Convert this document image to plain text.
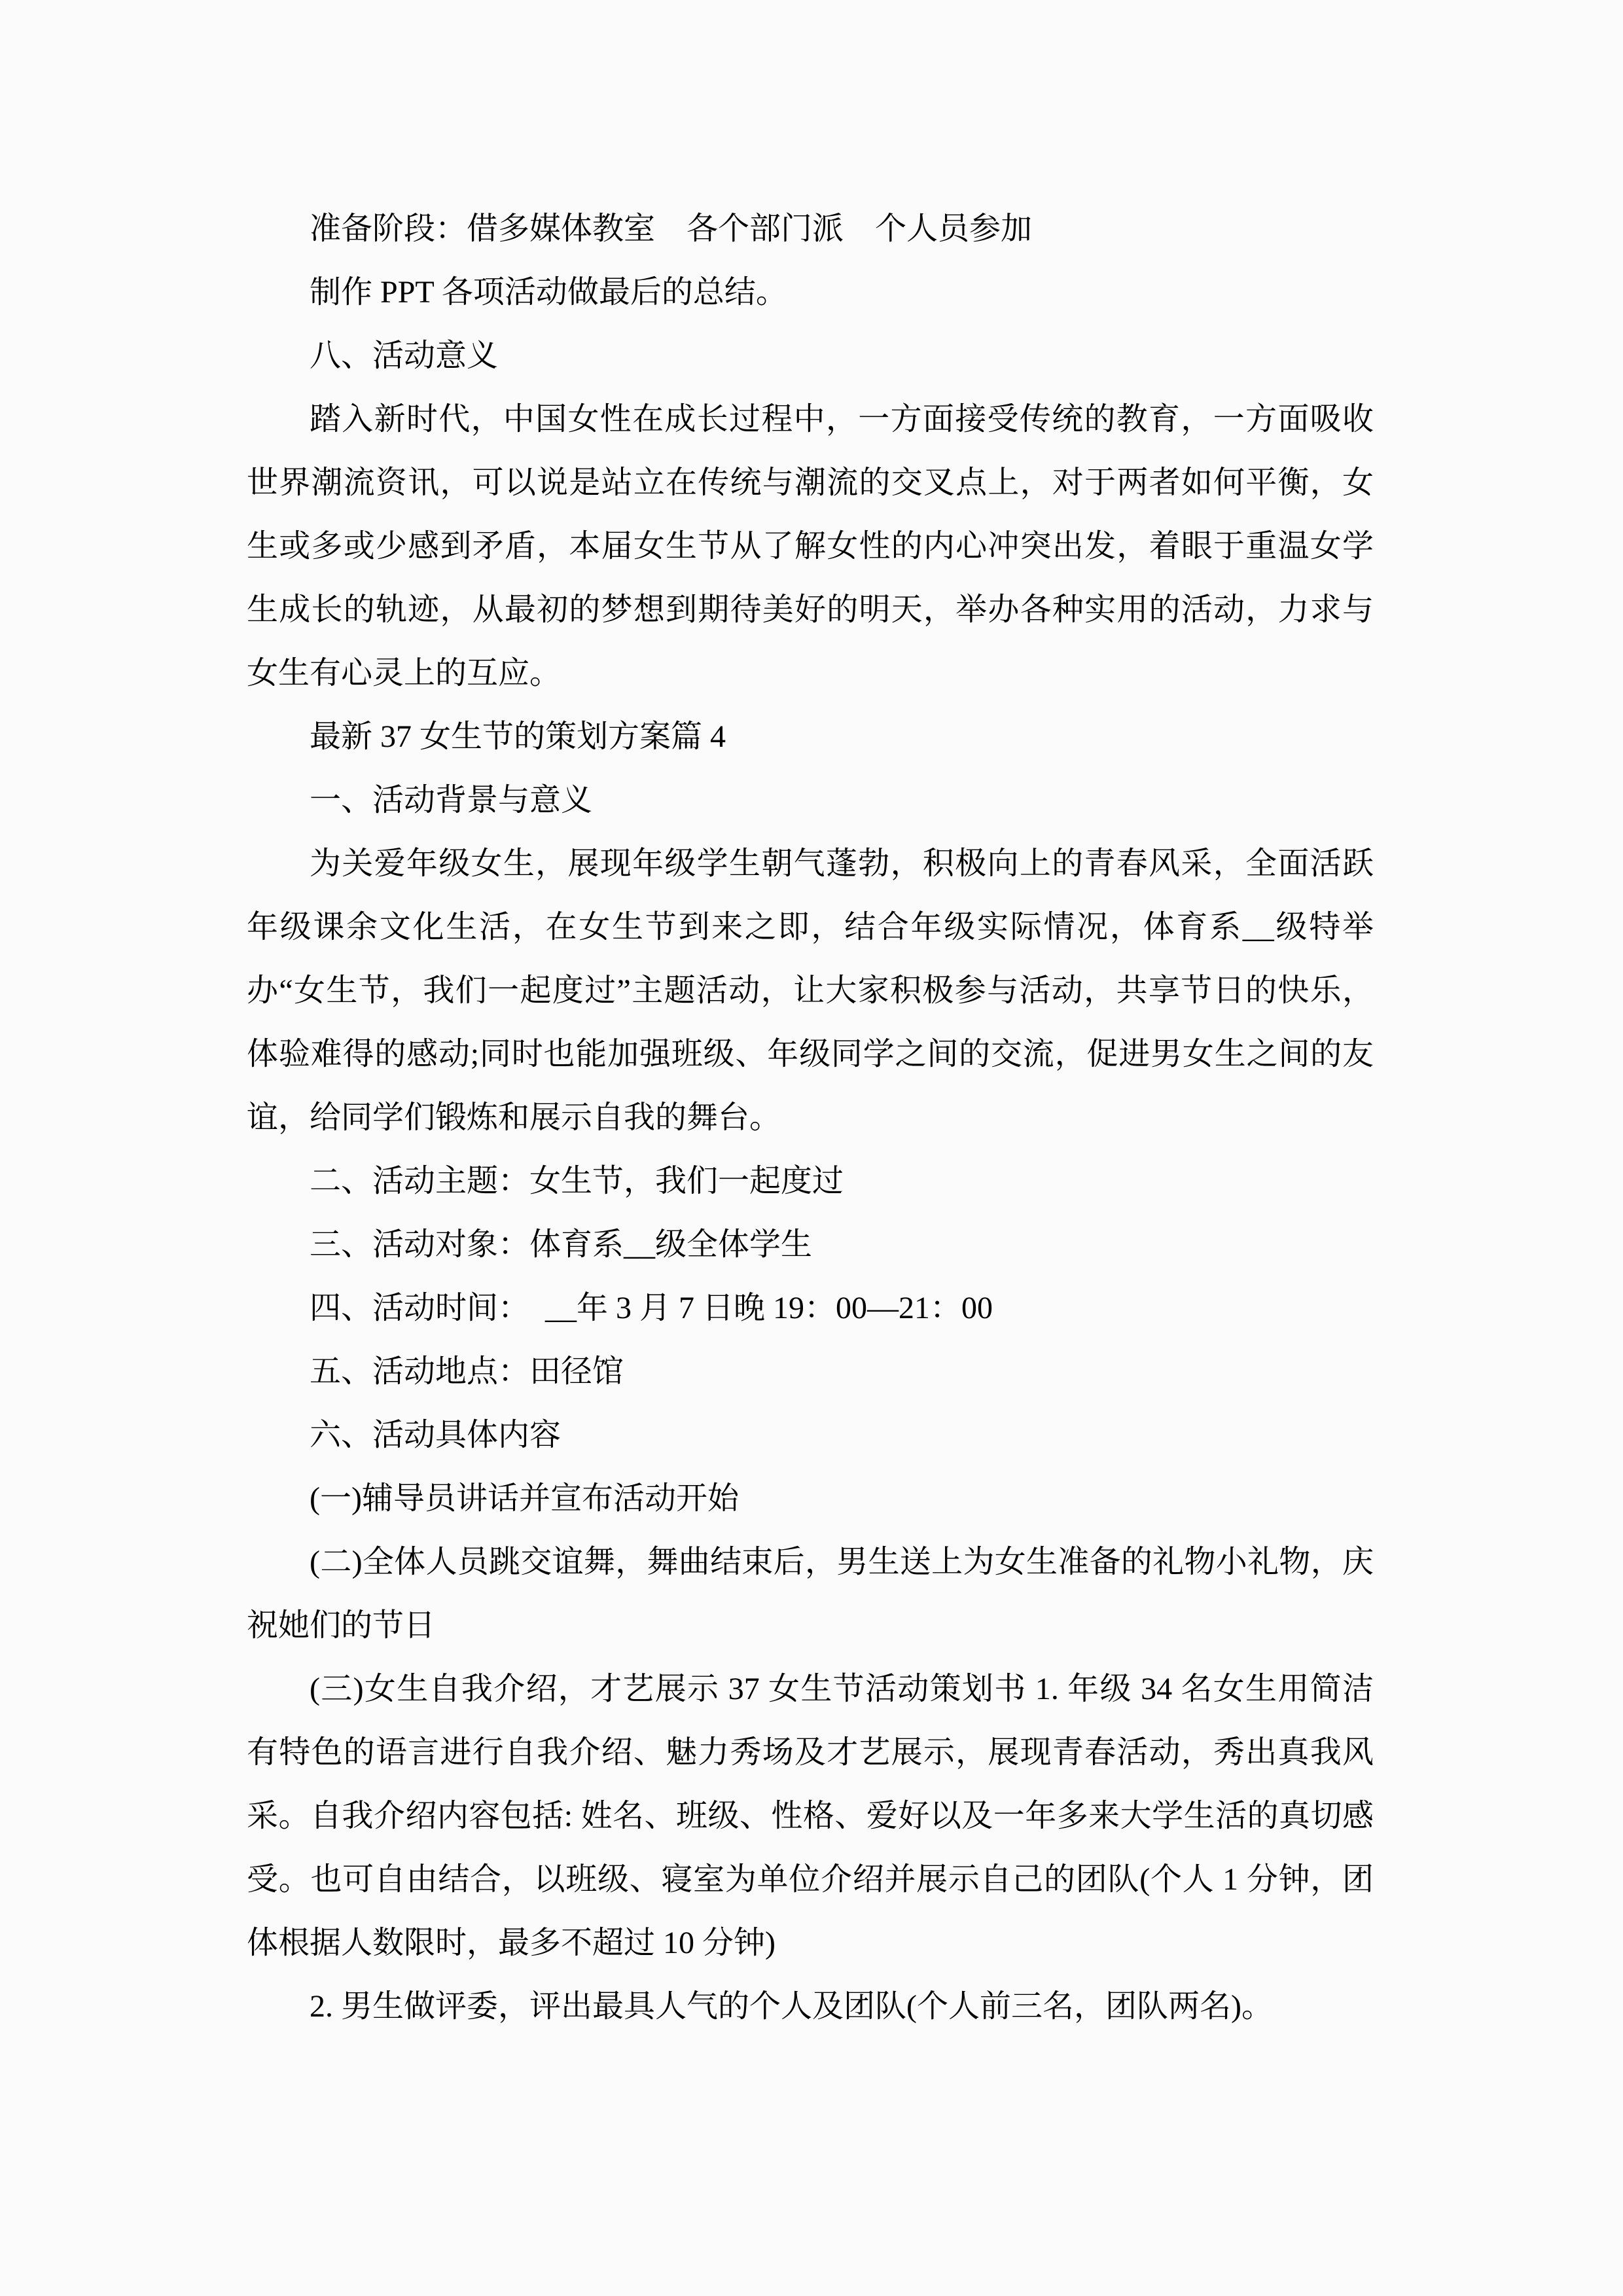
准备阶段：借多媒体教室　各个部门派　个人员参加

制作 PPT 各项活动做最后的总结。

八、活动意义

踏入新时代，中国女性在成长过程中，一方面接受传统的教育，一方面吸收世界潮流资讯，可以说是站立在传统与潮流的交叉点上，对于两者如何平衡，女生或多或少感到矛盾，本届女生节从了解女性的内心冲突出发，着眼于重温女学生成长的轨迹，从最初的梦想到期待美好的明天，举办各种实用的活动，力求与女生有心灵上的互应。

最新 37 女生节的策划方案篇 4

一、活动背景与意义

为关爱年级女生，展现年级学生朝气蓬勃，积极向上的青春风采，全面活跃年级课余文化生活，在女生节到来之即，结合年级实际情况，体育系__级特举办“女生节，我们一起度过”主题活动，让大家积极参与活动，共享节日的快乐，体验难得的感动;同时也能加强班级、年级同学之间的交流，促进男女生之间的友谊，给同学们锻炼和展示自我的舞台。

二、活动主题：女生节，我们一起度过

三、活动对象：体育系__级全体学生

四、活动时间：　__年 3 月 7 日晚 19：00—21：00

五、活动地点：田径馆

六、活动具体内容

(一)辅导员讲话并宣布活动开始

(二)全体人员跳交谊舞，舞曲结束后，男生送上为女生准备的礼物小礼物，庆祝她们的节日

(三)女生自我介绍，才艺展示 37 女生节活动策划书 1. 年级 34 名女生用简洁有特色的语言进行自我介绍、魅力秀场及才艺展示，展现青春活动，秀出真我风采。自我介绍内容包括: 姓名、班级、性格、爱好以及一年多来大学生活的真切感受。也可自由结合，以班级、寝室为单位介绍并展示自己的团队(个人 1 分钟，团体根据人数限时，最多不超过 10 分钟)

2. 男生做评委，评出最具人气的个人及团队(个人前三名，团队两名)。
